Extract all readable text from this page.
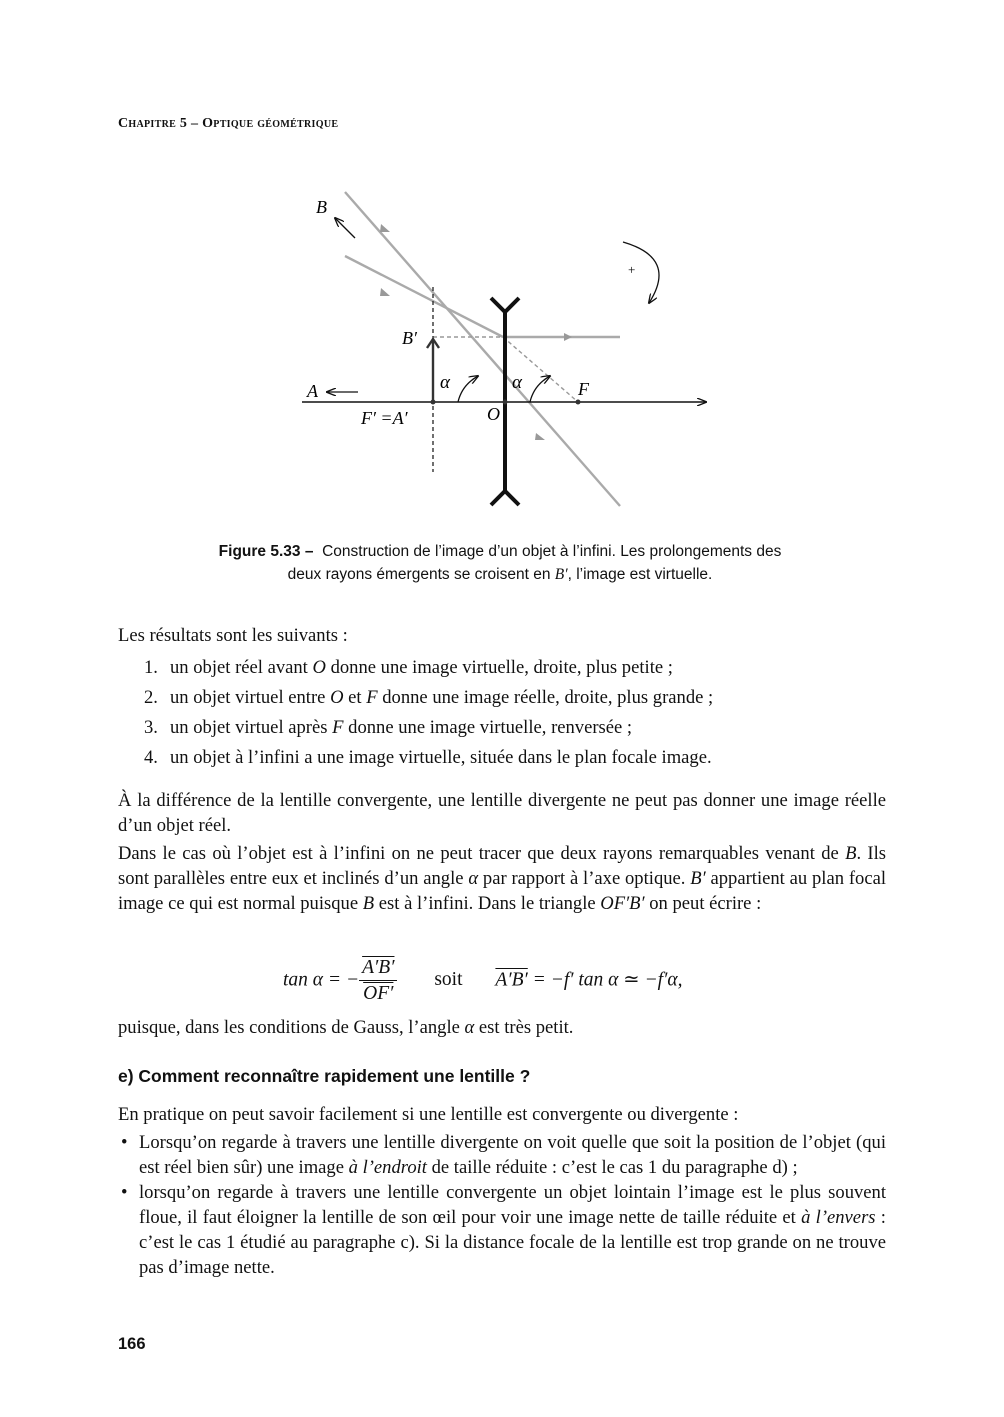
Chapitre 5 – Optique géométrique
B
B′
A
F′ =A′	O
F
α	α
+
Figure 5.33 – Construction de l’image d’un objet à l’infini. Les prolongements des
deux rayons émergents se croisent en B′, l’image est virtuelle.

Les résultats sont les suivants :

1. un objet réel avant O donne une image virtuelle, droite, plus petite ;
2. un objet virtuel entre O et F donne une image réelle, droite, plus grande ;
3. un objet virtuel après F donne une image virtuelle, renversée ;
4. un objet à l’infini a une image virtuelle, située dans le plan focale image.

À la différence de la lentille convergente, une lentille divergente ne peut pas donner une image réelle d’un objet réel.

Dans le cas où l’objet est à l’infini on ne peut tracer que deux rayons remarquables venant de B. Ils sont parallèles entre eux et inclinés d’un angle α par rapport à l’axe optique. B′ appartient au plan focal image ce qui est normal puisque B est à l’infini. Dans le triangle OF′B′ on peut écrire :

tan α = − $\frac{A'B'}{OF'}$ soit A′B′ = −f′ tan α ≃ −f′α,

puisque, dans les conditions de Gauss, l’angle α est très petit.

e) Comment reconnaître rapidement une lentille ?

En pratique on peut savoir facilement si une lentille est convergente ou divergente :

• Lorsqu’on regarde à travers une lentille divergente on voit quelle que soit la position de l’objet (qui est réel bien sûr) une image à l’endroit de taille réduite : c’est le cas 1 du paragraphe d) ;
• lorsqu’on regarde à travers une lentille convergente un objet lointain l’image est le plus souvent floue, il faut éloigner la lentille de son œil pour voir une image nette de taille réduite et à l’envers : c’est le cas 1 étudié au paragraphe c). Si la distance focale de la lentille est trop grande on ne trouve pas d’image nette.
166
